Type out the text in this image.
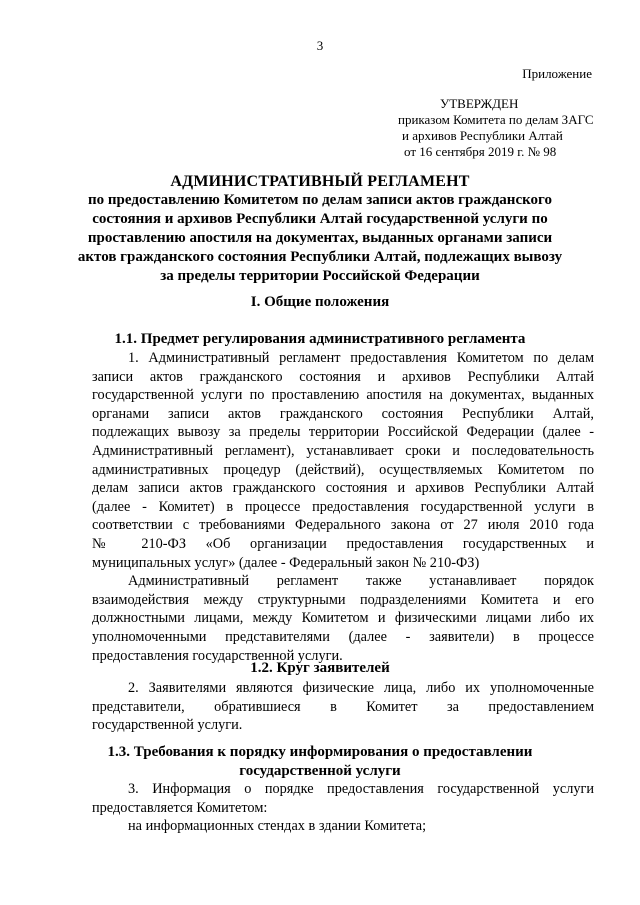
3
Приложение
УТВЕРЖДЕН
приказом Комитета по делам ЗАГС
и архивов Республики Алтай
от 16 сентября 2019 г. № 98
АДМИНИСТРАТИВНЫЙ РЕГЛАМЕНТ
по предоставлению Комитетом по делам записи актов гражданского
состояния и архивов Республики Алтай государственной услуги по
проставлению апостиля на документах, выданных органами записи
актов гражданского состояния Республики Алтай, подлежащих вывозу
за пределы территории Российской Федерации
I. Общие положения
1.1. Предмет регулирования административного регламента
1. Административный регламент предоставления Комитетом по делам
записи актов гражданского состояния и архивов Республики Алтай
государственной услуги по проставлению апостиля на документах, выданных
органами записи актов гражданского состояния Республики Алтай,
подлежащих вывозу за пределы территории Российской Федерации (далее -
Административный регламент), устанавливает сроки и последовательность
административных процедур (действий), осуществляемых Комитетом по
делам записи актов гражданского состояния и архивов Республики Алтай
(далее - Комитет) в процессе предоставления государственной услуги в
соответствии с требованиями Федерального закона от 27 июля 2010 года
№ 210-ФЗ «Об организации предоставления государственных и
муниципальных услуг» (далее - Федеральный закон № 210-ФЗ)
Административный регламент также устанавливает порядок
взаимодействия между структурными подразделениями Комитета и его
должностными лицами, между Комитетом и физическими лицами либо их
уполномоченными представителями (далее - заявители) в процессе
предоставления государственной услуги.
1.2. Круг заявителей
2. Заявителями являются физические лица, либо их уполномоченные
представители, обратившиеся в Комитет за предоставлением
государственной услуги.
1.3. Требования к порядку информирования о предоставлении
государственной услуги
3. Информация о порядке предоставления государственной услуги
предоставляется Комитетом:
на информационных стендах в здании Комитета;
